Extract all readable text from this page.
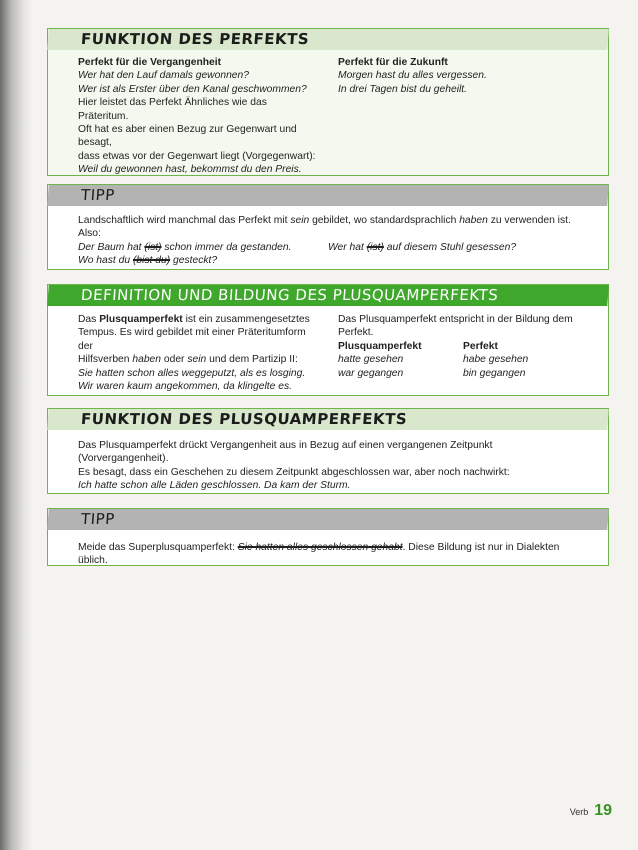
FUNKTION DES PERFEKTS
Perfekt für die Vergangenheit
Wer hat den Lauf damals gewonnen?
Wer ist als Erster über den Kanal geschwommen?
Hier leistet das Perfekt Ähnliches wie das Präteritum.
Oft hat es aber einen Bezug zur Gegenwart und besagt,
dass etwas vor der Gegenwart liegt (Vorgegenwart):
Weil du gewonnen hast, bekommst du den Preis.
Perfekt für die Zukunft
Morgen hast du alles vergessen.
In drei Tagen bist du geheilt.
TIPP
Landschaftlich wird manchmal das Perfekt mit sein gebildet, wo standardsprachlich haben zu verwenden ist. Also:
Der Baum hat (ist) schon immer da gestanden.	Wer hat (ist) auf diesem Stuhl gesessen?
Wo hast du (bist du) gesteckt?
DEFINITION UND BILDUNG DES PLUSQUAMPERFEKTS
Das Plusquamperfekt ist ein zusammengesetztes
Tempus. Es wird gebildet mit einer Präteritumform der
Hilfsverben haben oder sein und dem Partizip II:
Sie hatten schon alles weggeputzt, als es losging.
Wir waren kaum angekommen, da klingelte es.
Das Plusquamperfekt entspricht in der Bildung dem
Perfekt.
Plusquamperfekt
hatte gesehen
war gegangen
Perfekt
habe gesehen
bin gegangen
FUNKTION DES PLUSQUAMPERFEKTS
Das Plusquamperfekt drückt Vergangenheit aus in Bezug auf einen vergangenen Zeitpunkt (Vorvergangenheit).
Es besagt, dass ein Geschehen zu diesem Zeitpunkt abgeschlossen war, aber noch nachwirkt:
Ich hatte schon alle Läden geschlossen. Da kam der Sturm.
TIPP
Meide das Superplusquamperfekt: Sie hatten alles geschlossen gehabt. Diese Bildung ist nur in Dialekten üblich.
Verb 19
